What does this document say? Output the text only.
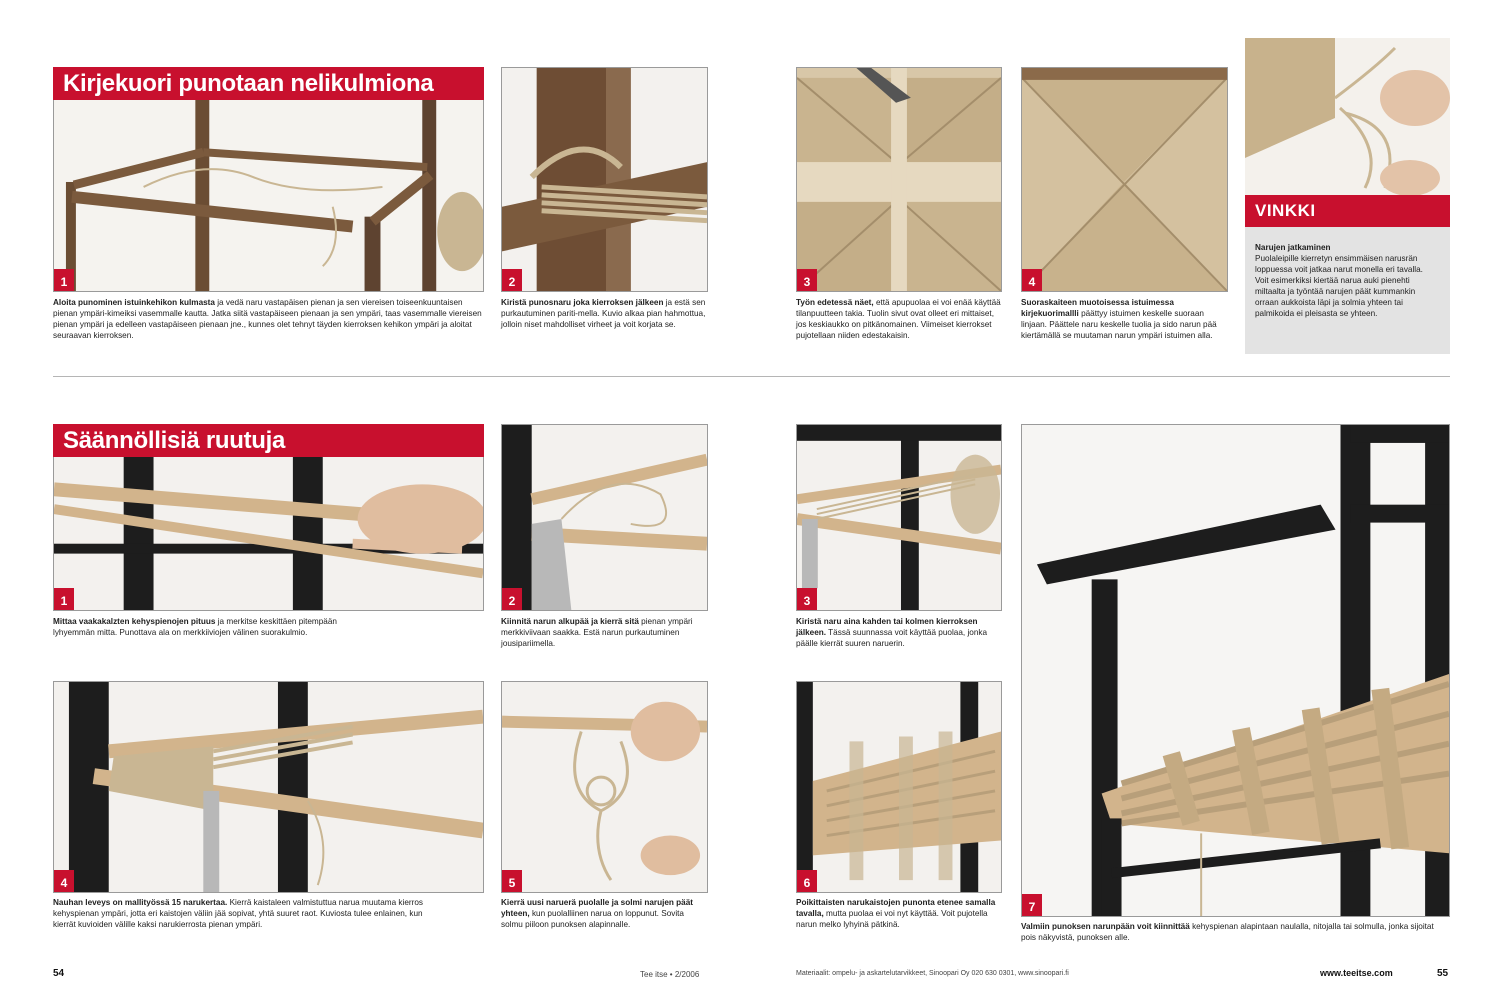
1
Kirjekuori punotaan nelikulmiona
Aloita punominen istuinkehikon kulmasta ja vedä naru vastapäisen pienan ja sen viereisen toiseenkuuntaisen pienan ympäri-kimeiksi vasemmalle kautta. Jatka siitä vastapäiseen pienaan ja sen ympäri, taas vasemmalle viereisen pienan ympäri ja edelleen vastapäiseen pienaan jne., kunnes olet tehnyt täyden kierroksen kehikon ympäri ja aloitat seuraavan kierroksen.
2
Kiristä punosnaru joka kierroksen jälkeen ja estä sen purkautuminen pariti-mella. Kuvio alkaa pian hahmottua, jolloin niset mahdolliset virheet ja voit korjata se.
3
Työn edetessä näet, että apupuolaa ei voi enää käyttää tilanpuutteen takia. Tuolin sivut ovat olleet eri mittaiset, jos keskiaukko on pitkänomainen. Viimeiset kierrokset pujotellaan niiden edestakaisin.
4
Suoraskaiteen muotoisessa istuimessa kirjekuorimallli päättyy istuimen keskelle suoraan linjaan. Päättele naru keskelle tuolia ja sido narun pää kiertämällä se muutaman narun ympäri istuimen alla.
VINKKI
Narujen jatkaminen
Puolaleipille kierretyn ensimmäisen narusrän loppuessa voit jatkaa narut monella eri tavalla. Voit esimerkiksi kiertää narua auki pienehti miltaalta ja työntää narujen päät kummankin orraan aukkoista läpi ja solmia yhteen tai palmikoida ei pleisasta se yhteen.
1
Säännöllisiä ruutuja
Mittaa vaakakalzten kehyspienojen pituus ja merkitse keskittäen pitempään lyhyemmän mitta. Punottava ala on merkkiiviojen välinen suorakulmio.
2
Kiinnitä narun alkupää ja kierrä sitä pienan ympäri merkkiviivaan saakka. Estä narun purkautuminen jousipariimella.
3
Kiristä naru aina kahden tai kolmen kierroksen jälkeen. Tässä suunnassa voit käyttää puolaa, jonka päälle kierrät suuren naruerin.
4
Nauhan leveys on mallityössä 15 narukertaa. Kierrä kaistaleen valmistuttua narua muutama kierros kehyspienan ympäri, jotta eri kaistojen väliin jää sopivat, yhtä suuret raot. Kuviosta tulee enlainen, kun kierrät kuvioiden välille kaksi narukierrosta pienan ympäri.
5
Kierrä uusi naruerä puolalle ja solmi narujen päät yhteen, kun puolalliinen narua on loppunut. Sovita solmu piiloon punoksen alapinnalle.
6
Poikittaisten narukaistojen punonta etenee samalla tavalla, mutta puolaa ei voi nyt käyttää. Voit pujotella narun melko lyhyinä pätkinä.
7
Valmiin punoksen narunpään voit kiinnittää kehyspienan alapintaan naulalla, nitojalla tai solmulla, jonka sijoitat pois näkyvistä, punoksen alle.
54	Tee itse • 2/2006	Materiaalit: ompelu- ja askartelutarvikkeet, Sinoopari Oy 020 630 0301, www.sinoopari.fi	www.teeitse.com	55
